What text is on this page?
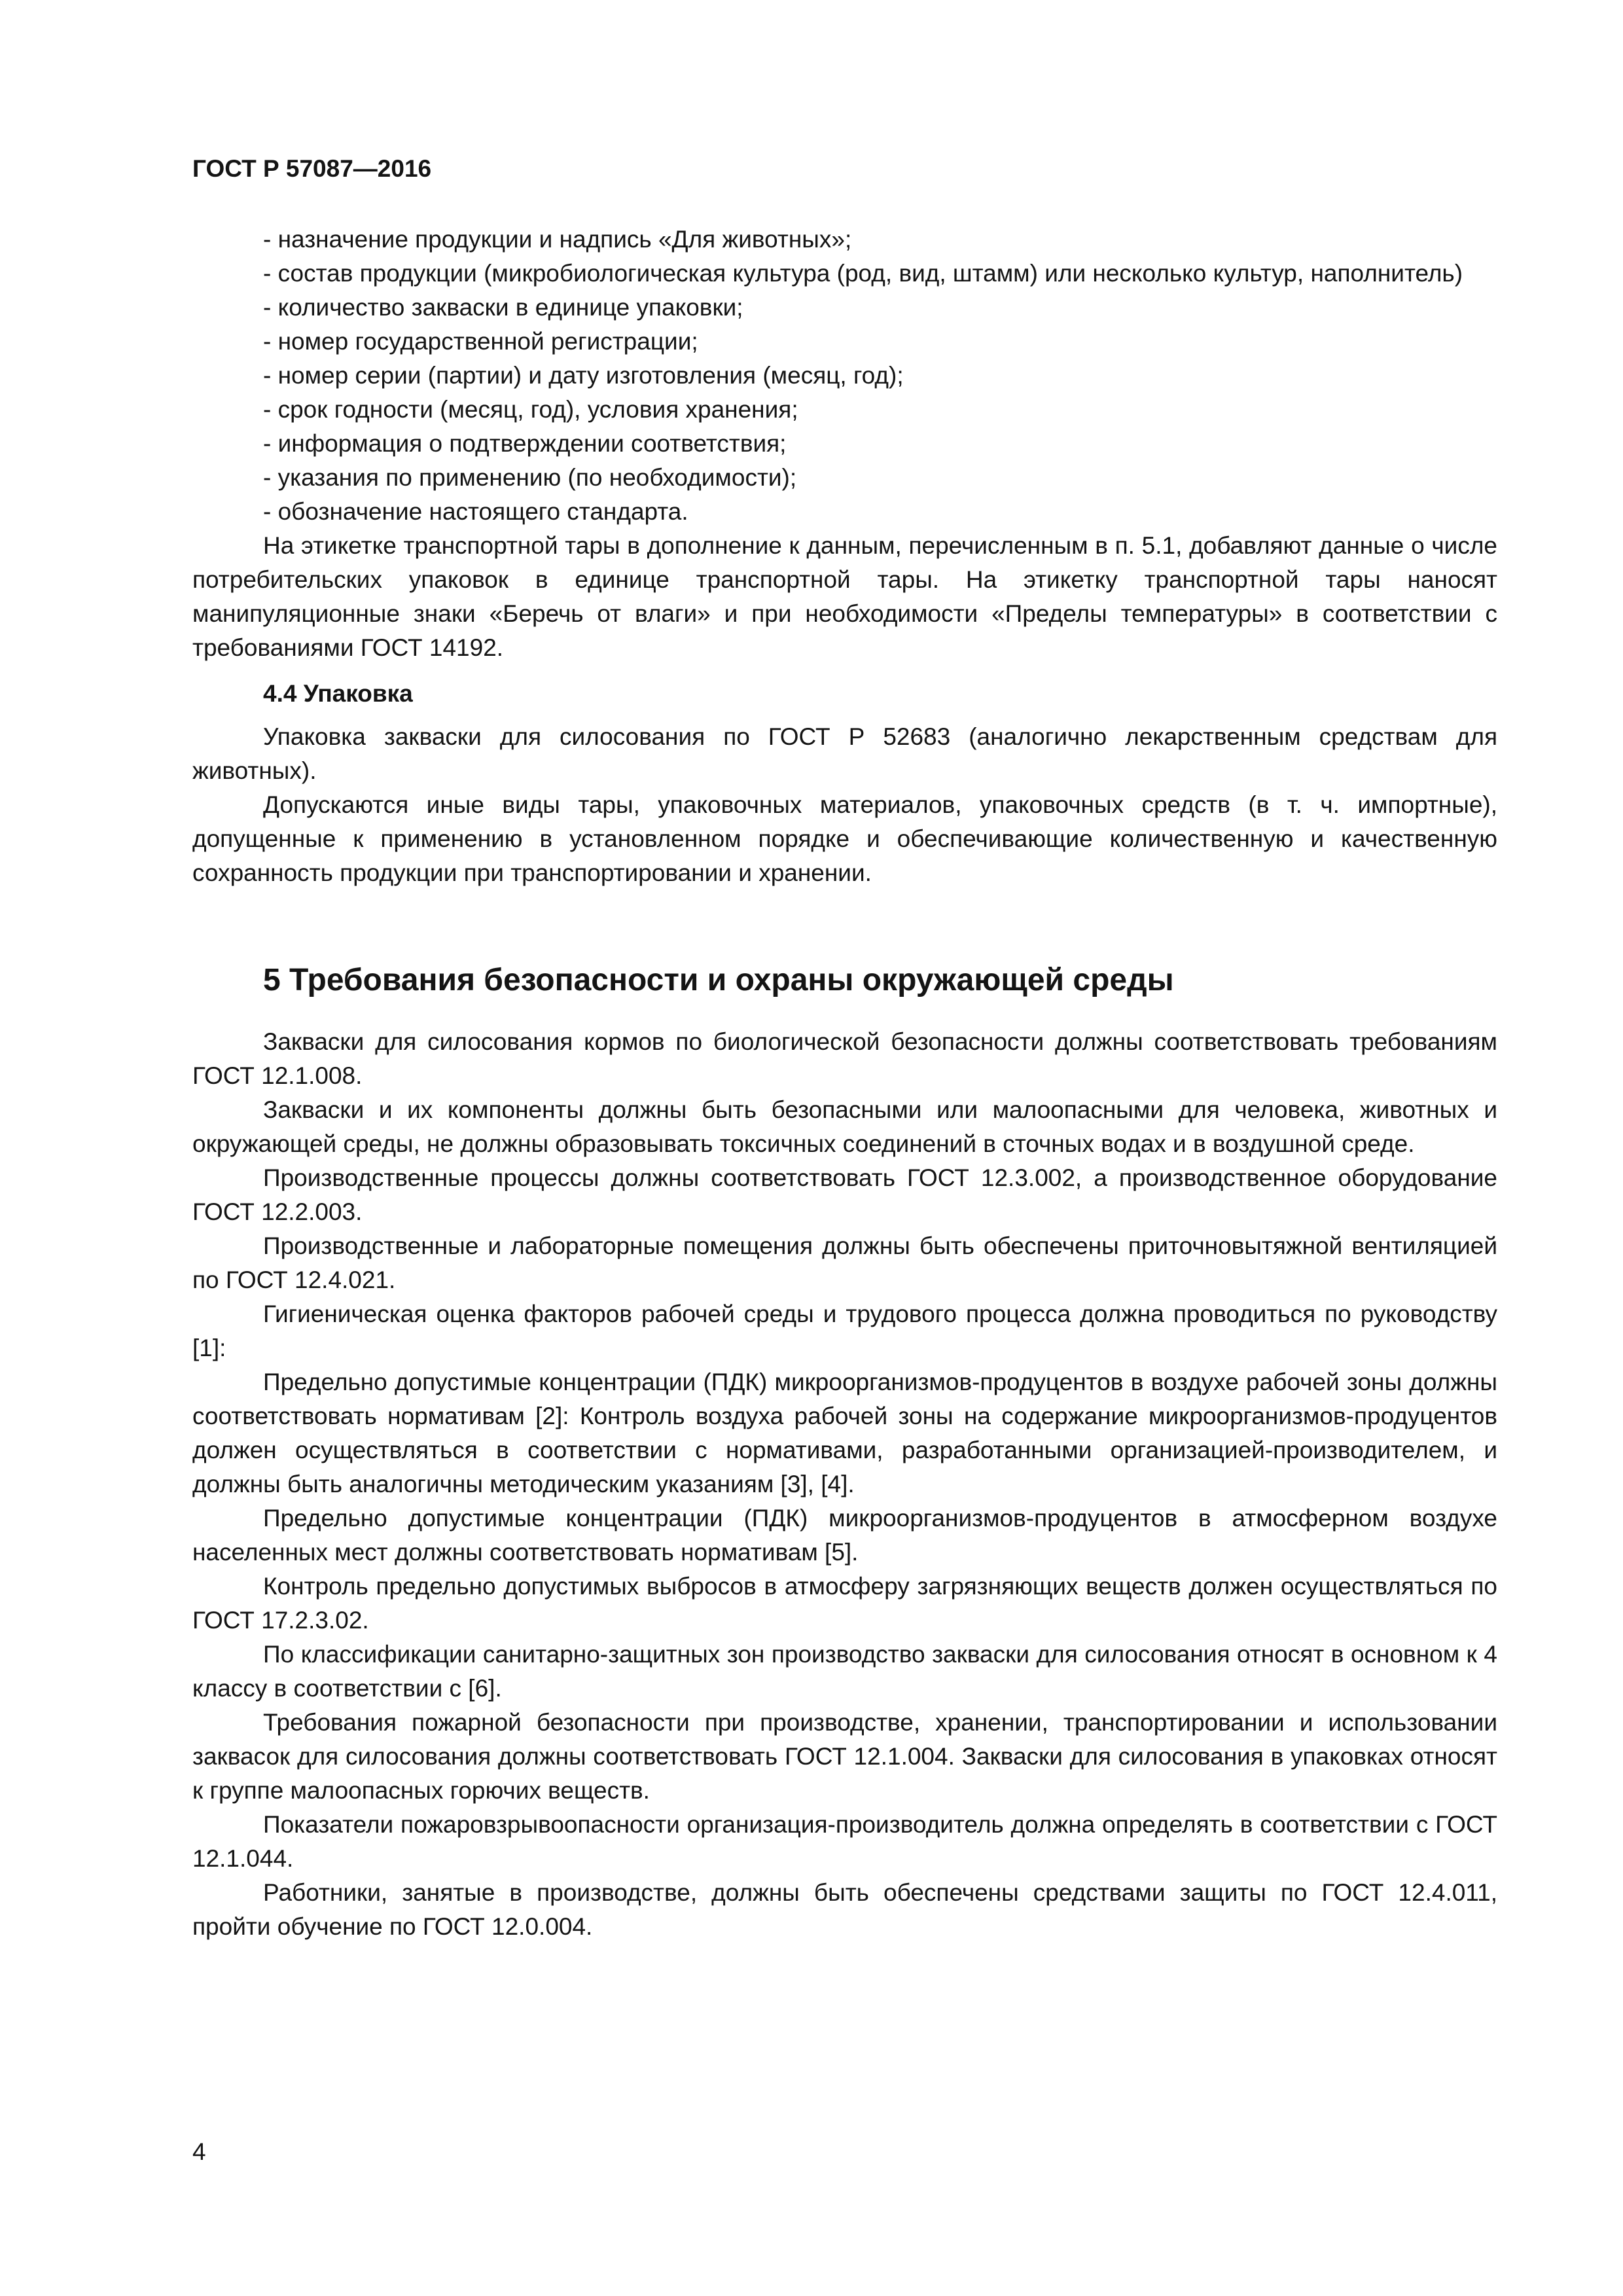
ГОСТ Р 57087—2016

- назначение продукции и надпись «Для животных»;

- состав продукции (микробиологическая культура (род, вид, штамм) или несколько культур, наполнитель)

- количество закваски в единице упаковки;

- номер государственной регистрации;

- номер серии (партии) и дату изготовления (месяц, год);

- срок годности (месяц, год), условия хранения;

- информация о подтверждении соответствия;

- указания по применению (по необходимости);

- обозначение настоящего стандарта.

На этикетке транспортной тары в дополнение к данным, перечисленным в п. 5.1, добавляют данные о числе потребительских упаковок в единице транспортной тары. На этикетку транспортной тары наносят манипуляционные знаки «Беречь от влаги» и при необходимости «Пределы температуры» в соответствии с требованиями ГОСТ 14192.

4.4 Упаковка

Упаковка закваски для силосования по ГОСТ Р 52683 (аналогично лекарственным средствам для животных).

Допускаются иные виды тары, упаковочных материалов, упаковочных средств (в т. ч. импортные), допущенные к применению в установленном порядке и обеспечивающие количественную и качественную сохранность продукции при транспортировании и хранении.

5 Требования безопасности и охраны окружающей среды

Закваски для силосования кормов по биологической безопасности должны соответствовать требованиям ГОСТ 12.1.008.

Закваски и их компоненты должны быть безопасными или малоопасными для человека, животных и окружающей среды, не должны образовывать токсичных соединений в сточных водах и в воздушной среде.

Производственные процессы должны соответствовать ГОСТ 12.3.002, а производственное оборудование ГОСТ 12.2.003.

Производственные и лабораторные помещения должны быть обеспечены приточновытяжной вентиляцией по ГОСТ 12.4.021.

Гигиеническая оценка факторов рабочей среды и трудового процесса должна проводиться по руководству [1]:

Предельно допустимые концентрации (ПДК) микроорганизмов-продуцентов в воздухе рабочей зоны должны соответствовать нормативам [2]: Контроль воздуха рабочей зоны на содержание микроорганизмов-продуцентов должен осуществляться в соответствии с нормативами, разработанными организацией-производителем, и должны быть аналогичны методическим указаниям [3], [4].

Предельно допустимые концентрации (ПДК) микроорганизмов-продуцентов в атмосферном воздухе населенных мест должны соответствовать нормативам [5].

Контроль предельно допустимых выбросов в атмосферу загрязняющих веществ должен осуществляться по ГОСТ 17.2.3.02.

По классификации санитарно-защитных зон производство закваски для силосования относят в основном к 4 классу в соответствии с [6].

Требования пожарной безопасности при производстве, хранении, транспортировании и использовании заквасок для силосования должны соответствовать ГОСТ 12.1.004. Закваски для силосования в упаковках относят к группе малоопасных горючих веществ.

Показатели пожаровзрывоопасности организация-производитель должна определять в соответствии с ГОСТ 12.1.044.

Работники, занятые в производстве, должны быть обеспечены средствами защиты по ГОСТ 12.4.011, пройти обучение по ГОСТ 12.0.004.

4
